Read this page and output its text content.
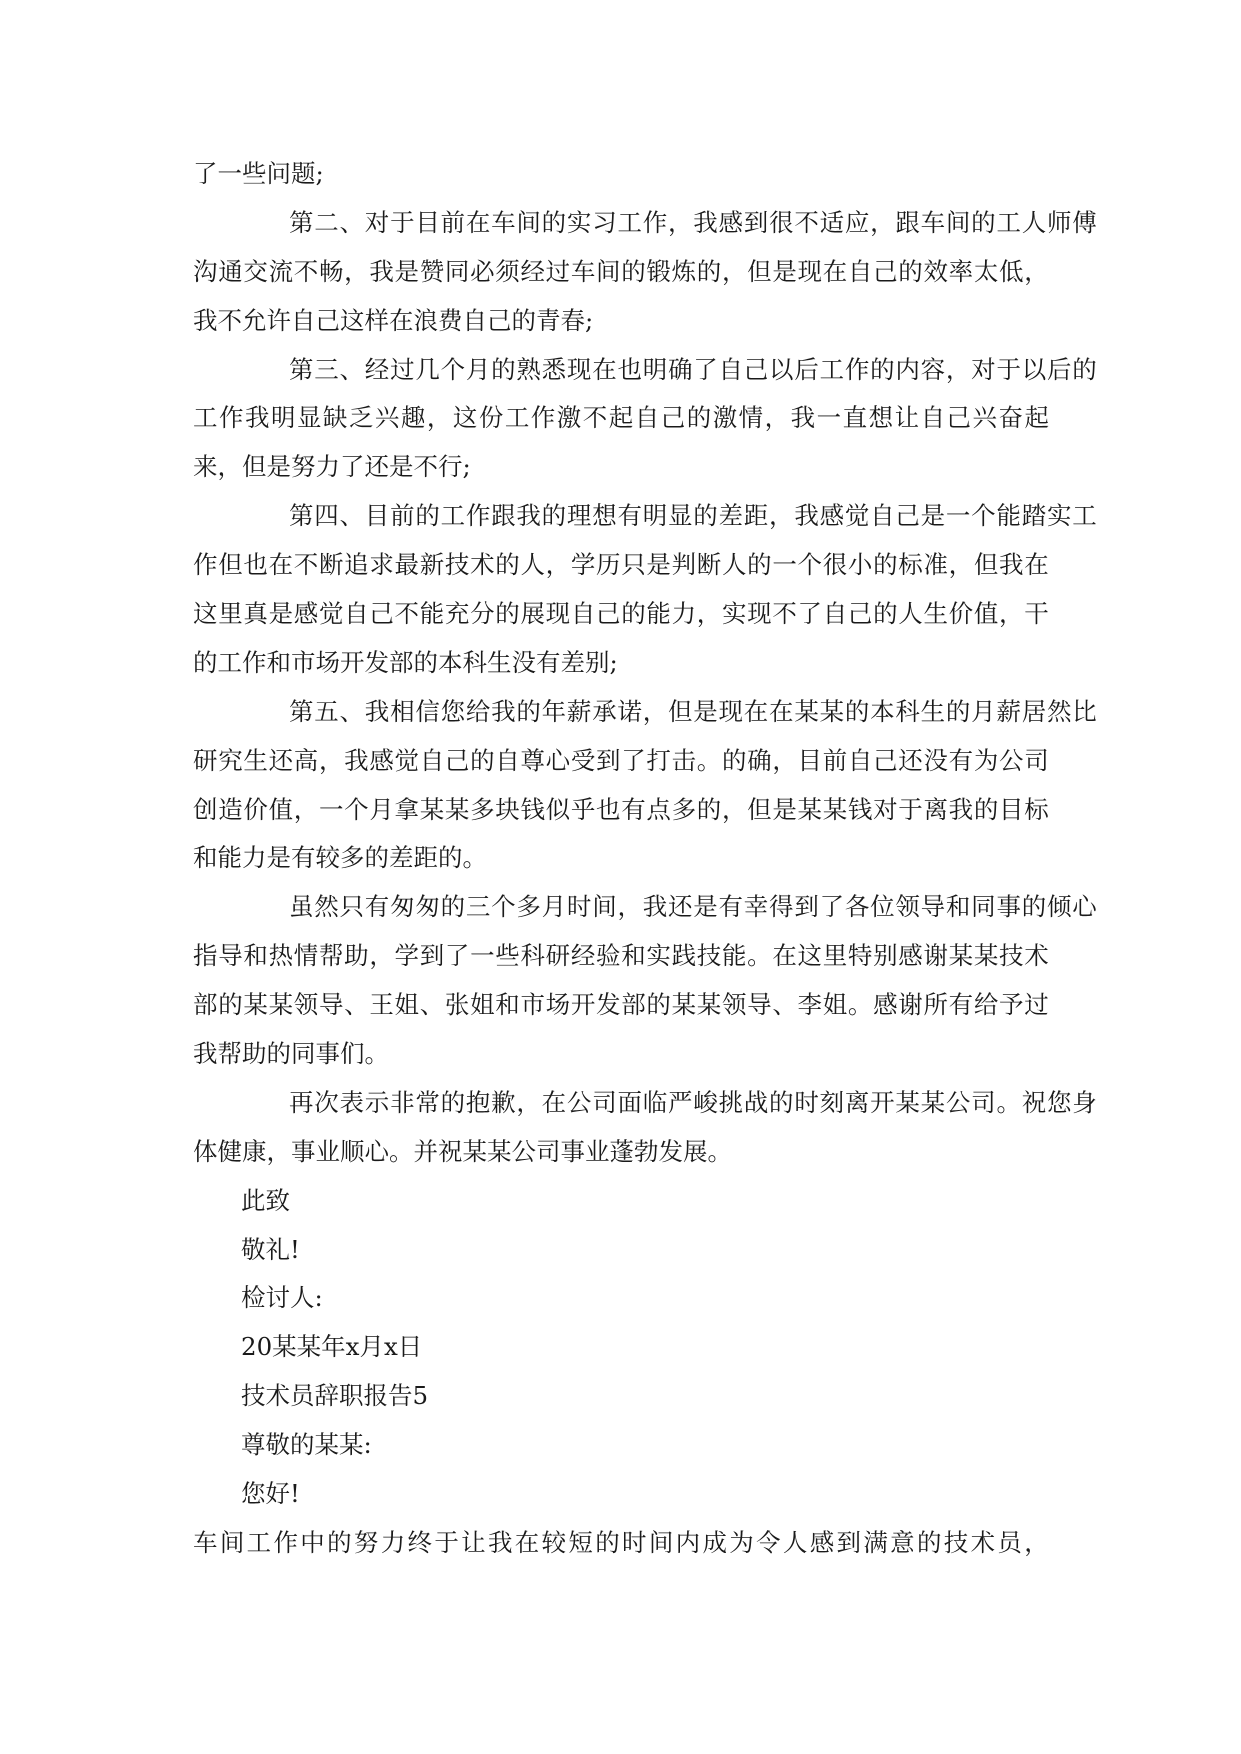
了一些问题;
第 二 、 对 于 目 前 在 车 间 的 实 习 工 作 ， 我 感 到 很 不 适 应 ， 跟 车 间 的 工 人 师 傅
沟 通 交 流 不 畅 ， 我 是 赞 同 必 须 经 过 车 间 的 锻 炼 的 ， 但 是 现 在 自 己 的 效 率 太 低 ，
我不允许自己这样在浪费自己的青春;
第 三 、 经 过 几 个 月 的 熟 悉 现 在 也 明 确 了 自 己 以 后 工 作 的 内 容 ， 对 于 以 后 的
工 作 我 明 显 缺 乏 兴 趣 ， 这 份 工 作 激 不 起 自 己 的 激 情 ， 我 一 直 想 让 自 己 兴 奋 起
来，但是努力了还是不行;
第 四 、 目 前 的 工 作 跟 我 的 理 想 有 明 显 的 差 距 ， 我 感 觉 自 己 是 一 个 能 踏 实 工
作 但 也 在 不 断 追 求 最 新 技 术 的 人 ， 学 历 只 是 判 断 人 的 一 个 很 小 的 标 准 ， 但 我 在
这 里 真 是 感 觉 自 己 不 能 充 分 的 展 现 自 己 的 能 力 ， 实 现 不 了 自 己 的 人 生 价 值 ， 干
的工作和市场开发部的本科生没有差别;
第 五 、 我 相 信 您 给 我 的 年 薪 承 诺 ， 但 是 现 在 在 某 某 的 本 科 生 的 月 薪 居 然 比
研 究 生 还 高 ， 我 感 觉 自 己 的 自 尊 心 受 到 了 打 击 。 的 确 ， 目 前 自 己 还 没 有 为 公 司
创 造 价 值 ， 一 个 月 拿 某 某 多 块 钱 似 乎 也 有 点 多 的 ， 但 是 某 某 钱 对 于 离 我 的 目 标
和能力是有较多的差距的。
虽 然 只 有 匆 匆 的 三 个 多 月 时 间 ， 我 还 是 有 幸 得 到 了 各 位 领 导 和 同 事 的 倾 心
指 导 和 热 情 帮 助 ， 学 到 了 一 些 科 研 经 验 和 实 践 技 能 。 在 这 里 特 别 感 谢 某 某 技 术
部 的 某 某 领 导 、 王 姐 、 张 姐 和 市 场 开 发 部 的 某 某 领 导 、 李 姐 。 感 谢 所 有 给 予 过
我帮助的同事们。
再 次 表 示 非 常 的 抱 歉 ， 在 公 司 面 临 严 峻 挑 战 的 时 刻 离 开 某 某 公 司 。 祝 您 身
体健康，事业顺心。并祝某某公司事业蓬勃发展。
此致
敬礼!
检讨人:
20某某年x月x日
技术员辞职报告5
尊敬的某某:
您好!
车 间 工 作 中 的 努 力 终 于 让 我 在 较 短 的 时 间 内 成 为 令 人 感 到 满 意 的 技 术 员 ，
